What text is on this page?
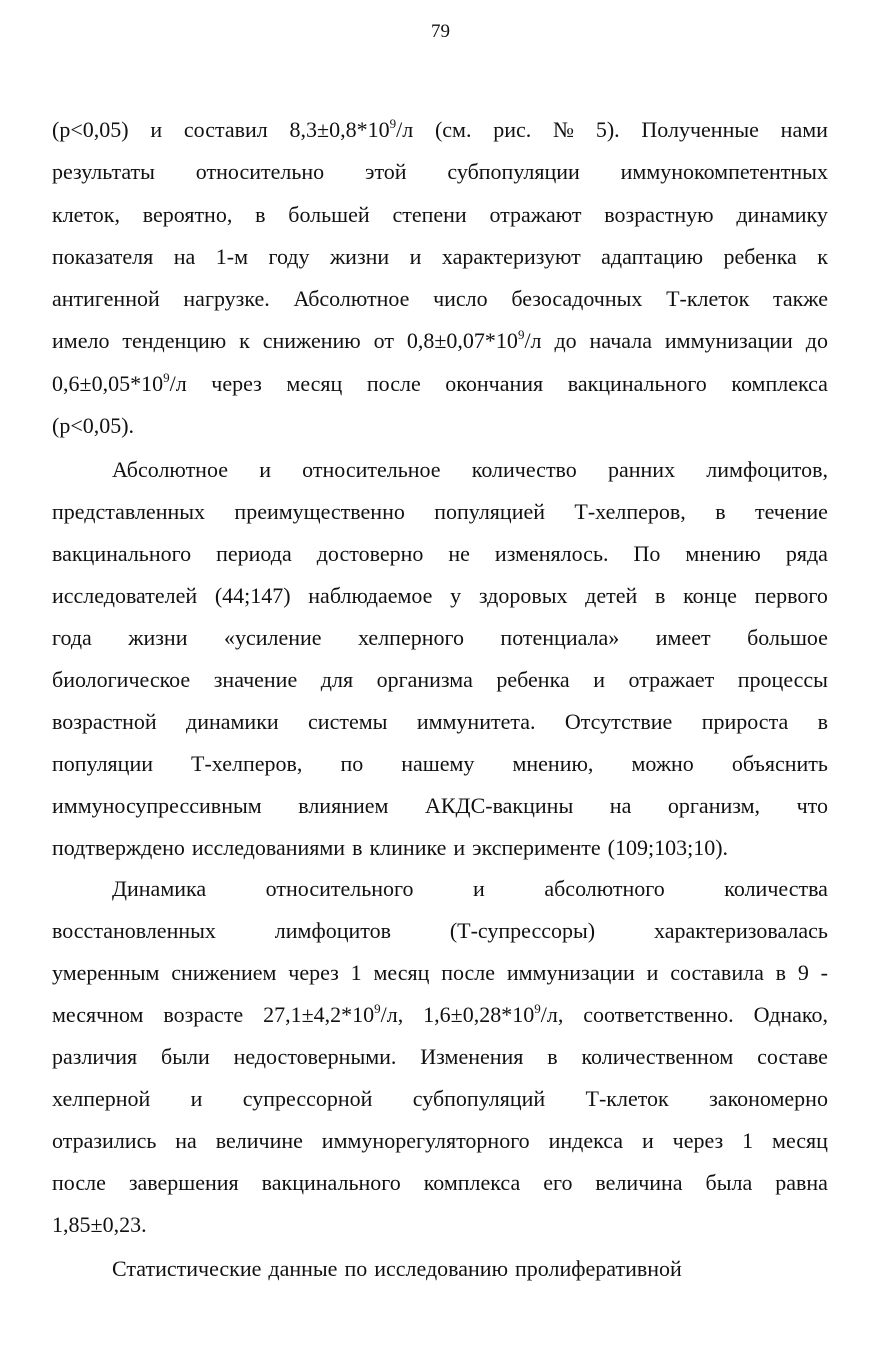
79
(р<0,05) и составил $8,3\pm 0,8*10^9/л$ (см. рис. № 5). Полученные нами
результаты относительно этой субпопуляции иммунокомпетентных
клеток, вероятно, в большей степени отражают возрастную динамику
показателя на 1-м году жизни и характеризуют адаптацию ребенка к
антигенной нагрузке. Абсолютное число безосадочных Т-клеток также
имело тенденцию к снижению от $0,8\pm 0,07*10^9/л$ до начала иммунизации до
$0,6\pm 0,05*10^9/л$ через месяц после окончания вакцинального комплекса
(р<0,05).
Абсолютное и относительное количество ранних лимфоцитов,
представленных преимущественно популяцией Т-хелперов, в течение
вакцинального периода достоверно не изменялось. По мнению ряда
исследователей (44;147) наблюдаемое у здоровых детей в конце первого
года жизни «усиление хелперного потенциала» имеет большое
биологическое значение для организма ребенка и отражает процессы
возрастной динамики системы иммунитета. Отсутствие прироста в
популяции Т-хелперов, по нашему мнению, можно объяснить
иммуносупрессивным влиянием АКДС-вакцины на организм, что
подтверждено исследованиями в клинике и эксперименте (109;103;10).
Динамика	относительного	и	абсолютного	количества
восстановленных	лимфоцитов	(Т-супрессоры)	характеризовалась
умеренным снижением через 1 месяц после иммунизации и составила в 9 -
месячном возрасте $27,1\pm 4,2*10^9/л$, $1,6\pm 0,28*10^9/л$, соответственно. Однако,
различия были недостоверными. Изменения в количественном составе
хелперной и супрессорной субпопуляций Т-клеток закономерно
отразились на величине иммунорегуляторного индекса и через 1 месяц
после завершения вакцинального комплекса его величина была равна
1,85±0,23.
Статистические данные по исследованию пролиферативной
